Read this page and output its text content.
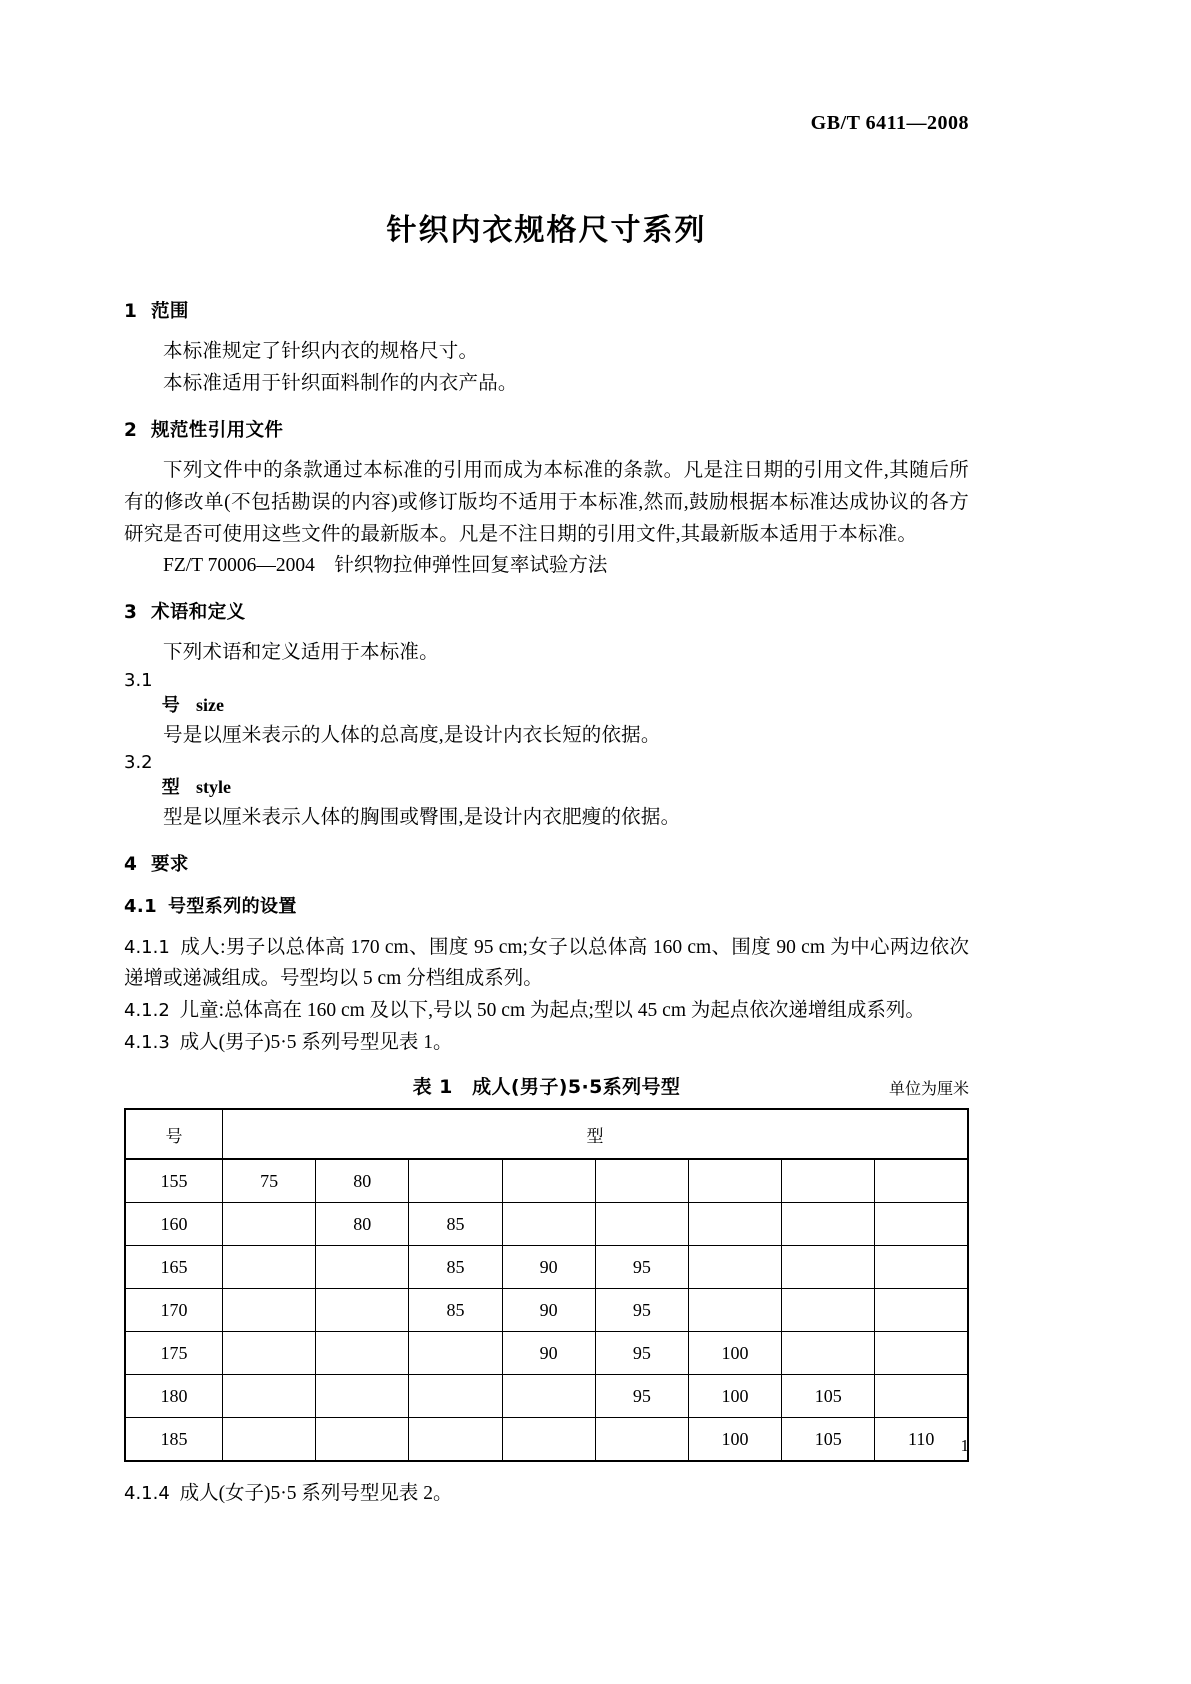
GB/T 6411—2008
针织内衣规格尺寸系列
1 范围

本标准规定了针织内衣的规格尺寸。

本标准适用于针织面料制作的内衣产品。

2 规范性引用文件

下列文件中的条款通过本标准的引用而成为本标准的条款。凡是注日期的引用文件,其随后所有的修改单(不包括勘误的内容)或修订版均不适用于本标准,然而,鼓励根据本标准达成协议的各方研究是否可使用这些文件的最新版本。凡是不注日期的引用文件,其最新版本适用于本标准。

FZ/T 70006—2004　针织物拉伸弹性回复率试验方法

3 术语和定义

下列术语和定义适用于本标准。

3.1

号 size

号是以厘米表示的人体的总高度,是设计内衣长短的依据。

3.2

型 style

型是以厘米表示人体的胸围或臀围,是设计内衣肥瘦的依据。

4 要求
4.1 号型系列的设置

4.1.1 成人:男子以总体高 170 cm、围度 95 cm;女子以总体高 160 cm、围度 90 cm 为中心两边依次递增或递减组成。号型均以 5 cm 分档组成系列。

4.1.2 儿童:总体高在 160 cm 及以下,号以 50 cm 为起点;型以 45 cm 为起点依次递增组成系列。

4.1.3 成人(男子)5·5 系列号型见表 1。

表 1　成人(男子)5·5系列号型	单位为厘米
号	型							
155	75	80						
160		80	85					
165			85	90	95			
170			85	90	95			
175				90	95	100		
180					95	100	105	
185						100	105	110

4.1.4 成人(女子)5·5 系列号型见表 2。

1
